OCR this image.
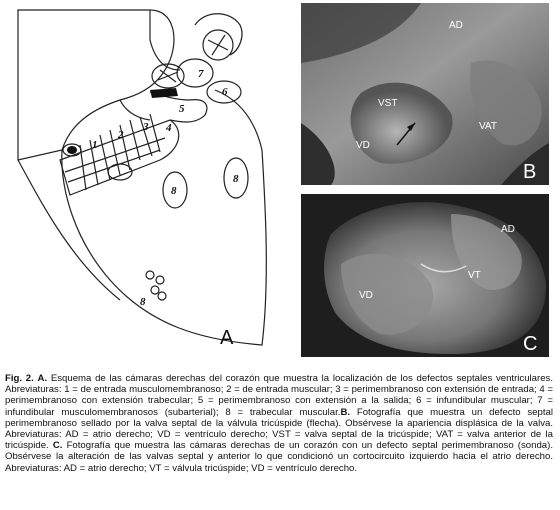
1
2
3 4
5
6
7
8
8
8
A
AD
VST
VAT
VD
B
AD
VT
VD
C
Fig. 2. A. Esquema de las cámaras derechas del corazón que muestra la localización de los defectos septales ventriculares. Abreviaturas: 1 = de entrada musculomembranoso; 2 = de entrada muscular; 3 = perimembranoso con extensión de entrada; 4 = perimembranoso con extensión trabecular; 5 = perimembranoso con extensión a la salida; 6 = infundibular muscular; 7 = infundibular musculomembranosos (subarterial); 8 = trabecular muscular.B. Fotografía que muestra un defecto septal perimembranoso sellado por la valva septal de la válvula tricúspide (flecha). Obsérvese la apariencia displásica de la valva. Abreviaturas: AD = atrio derecho; VD = ventrículo derecho; VST = valva septal de la tricúspide; VAT = valva anterior de la tricúspide. C. Fotografía que muestra las cámaras derechas de un corazón con un defecto septal perimembranoso (sonda). Obsérvese la alteración de las valvas septal y anterior lo que condicionó un cortocircuito izquierdo hacia el atrio derecho. Abreviaturas: AD = atrio derecho; VT = válvula tricúspide; VD = ventrículo derecho.
